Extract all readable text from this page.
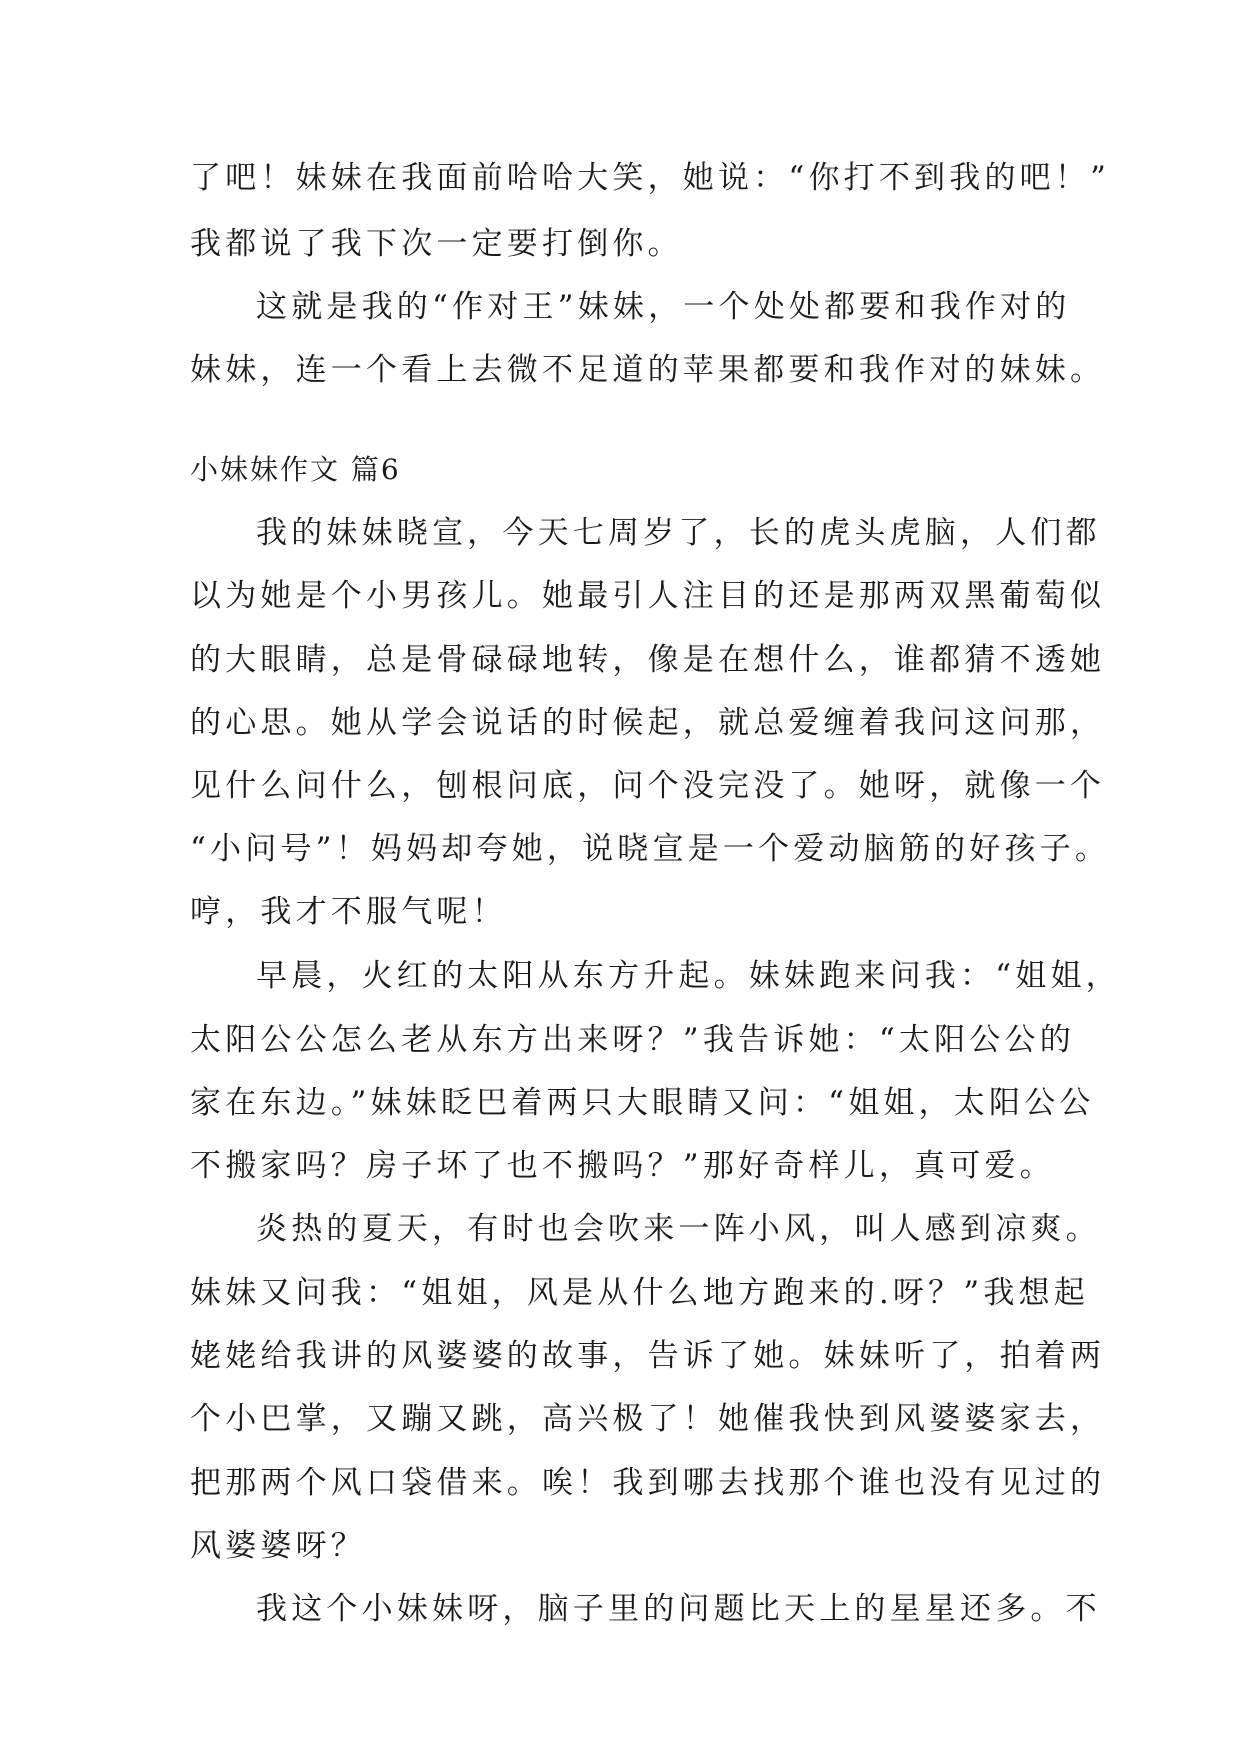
了吧！妹妹在我面前哈哈大笑，她说：“你打不到我的吧！”
我都说了我下次一定要打倒你。
这就是我的“作对王”妹妹，一个处处都要和我作对的
妹妹，连一个看上去微不足道的苹果都要和我作对的妹妹。
小妹妹作文 篇6
我的妹妹晓宣，今天七周岁了，长的虎头虎脑，人们都
以为她是个小男孩儿。她最引人注目的还是那两双黑葡萄似
的大眼睛，总是骨碌碌地转，像是在想什么，谁都猜不透她
的心思。她从学会说话的时候起，就总爱缠着我问这问那，
见什么问什么，刨根问底，问个没完没了。她呀，就像一个
“小问号”！妈妈却夸她，说晓宣是一个爱动脑筋的好孩子。
哼，我才不服气呢！
早晨，火红的太阳从东方升起。妹妹跑来问我：“姐姐，
太阳公公怎么老从东方出来呀？”我告诉她：“太阳公公的
家在东边。”妹妹眨巴着两只大眼睛又问：“姐姐，太阳公公
不搬家吗？房子坏了也不搬吗？”那好奇样儿，真可爱。
炎热的夏天，有时也会吹来一阵小风，叫人感到凉爽。
妹妹又问我：“姐姐，风是从什么地方跑来的.呀？”我想起
姥姥给我讲的风婆婆的故事，告诉了她。妹妹听了，拍着两
个小巴掌，又蹦又跳，高兴极了！她催我快到风婆婆家去，
把那两个风口袋借来。唉！我到哪去找那个谁也没有见过的
风婆婆呀？
我这个小妹妹呀，脑子里的问题比天上的星星还多。不
